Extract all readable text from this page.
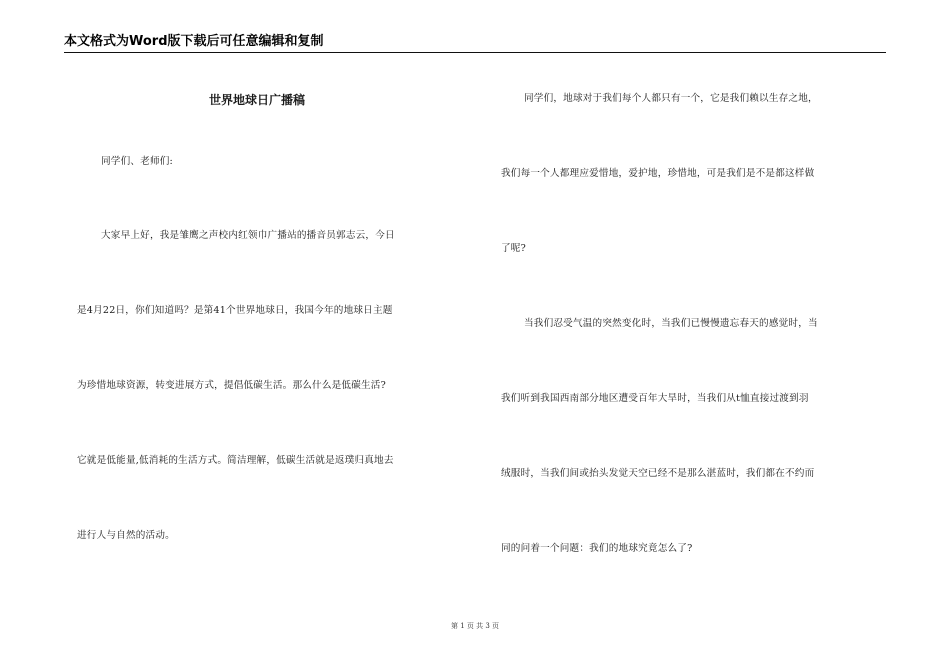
本文格式为Word版下载后可任意编辑和复制
世界地球日广播稿
同学们、老师们:
大家早上好，我是雏鹰之声校内红领巾广播站的播音员郭志云，今日
是4月22日，你们知道吗？是第41个世界地球日，我国今年的地球日主题
为珍惜地球资源，转变进展方式，提倡低碳生活。那么什么是低碳生活?
它就是低能量,低消耗的生活方式。简洁理解，低碳生活就是返璞归真地去
进行人与自然的活动。
同学们，地球对于我们每个人都只有一个，它是我们赖以生存之地，
我们每一个人都理应爱惜地，爱护地，珍惜地，可是我们是不是都这样做
了呢?
当我们忍受气温的突然变化时，当我们已慢慢遗忘春天的感觉时，当
我们听到我国西南部分地区遭受百年大旱时，当我们从t恤直接过渡到羽
绒服时，当我们间或抬头发觉天空已经不是那么湛蓝时，我们都在不约而
同的问着一个问题：我们的地球究竟怎么了?
第 1 页 共 3 页
